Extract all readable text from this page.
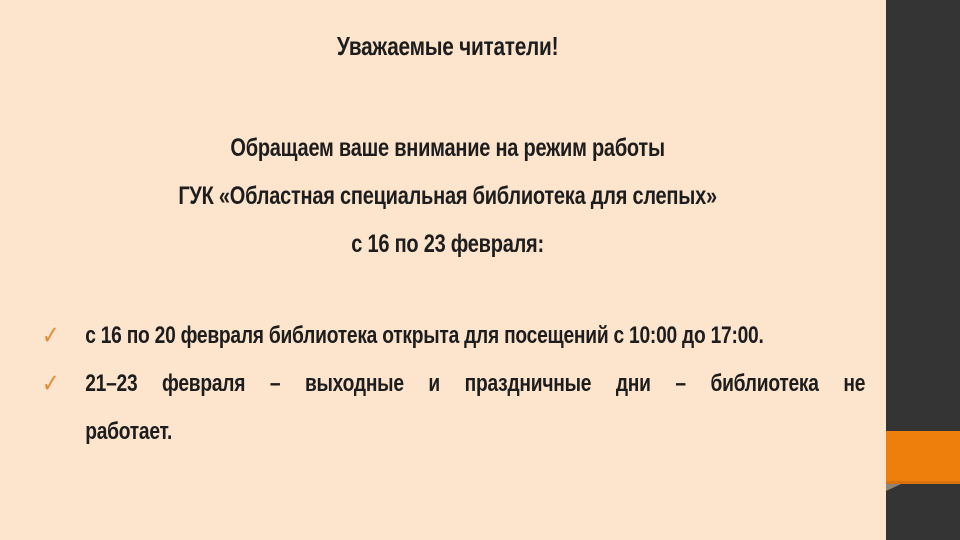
Уважаемые читатели!
Обращаем ваше внимание на режим работы
ГУК «Областная специальная библиотека для слепых»
с 16 по 23 февраля:
✓ с 16 по 20 февраля библиотека открыта для посещений с 10:00 до 17:00.
✓ 21–23 февраля – выходные и праздничные дни – библиотека не
работает.
